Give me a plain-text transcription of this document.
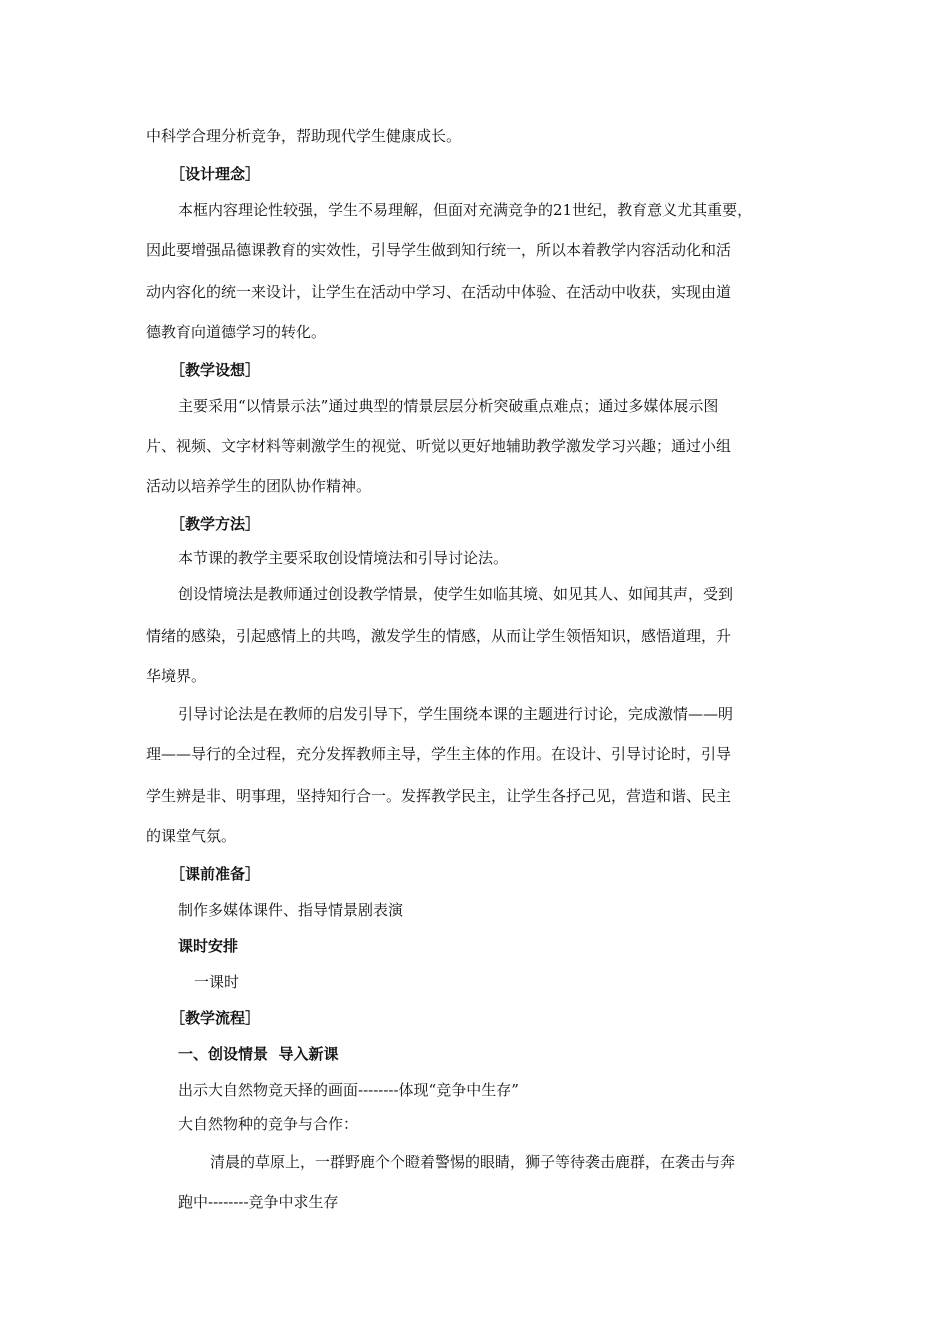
中科学合理分析竞争，帮助现代学生健康成长。
［设计理念］
本框内容理论性较强，学生不易理解，但面对充满竞争的21世纪，教育意义尤其重要，
因此要增强品德课教育的实效性，引导学生做到知行统一，所以本着教学内容活动化和活
动内容化的统一来设计，让学生在活动中学习、在活动中体验、在活动中收获，实现由道
德教育向道德学习的转化。
［教学设想］
主要采用“以情景示法”通过典型的情景层层分析突破重点难点；通过多媒体展示图
片、视频、文字材料等刺激学生的视觉、听觉以更好地辅助教学激发学习兴趣；通过小组
活动以培养学生的团队协作精神。
［教学方法］
本节课的教学主要采取创设情境法和引导讨论法。
创设情境法是教师通过创设教学情景，使学生如临其境、如见其人、如闻其声，受到
情绪的感染，引起感情上的共鸣，激发学生的情感，从而让学生领悟知识，感悟道理，升
华境界。
引导讨论法是在教师的启发引导下，学生围绕本课的主题进行讨论，完成激情——明
理——导行的全过程，充分发挥教师主导，学生主体的作用。在设计、引导讨论时，引导
学生辨是非、明事理，坚持知行合一。发挥教学民主，让学生各抒己见，营造和谐、民主
的课堂气氛。
［课前准备］
制作多媒体课件、指导情景剧表演
课时安排
一课时
［教学流程］
一、创设情景  导入新课
出示大自然物竞天择的画面--------体现“竞争中生存”
大自然物种的竞争与合作：
清晨的草原上，一群野鹿个个瞪着警惕的眼睛，狮子等待袭击鹿群，在袭击与奔
跑中--------竞争中求生存
